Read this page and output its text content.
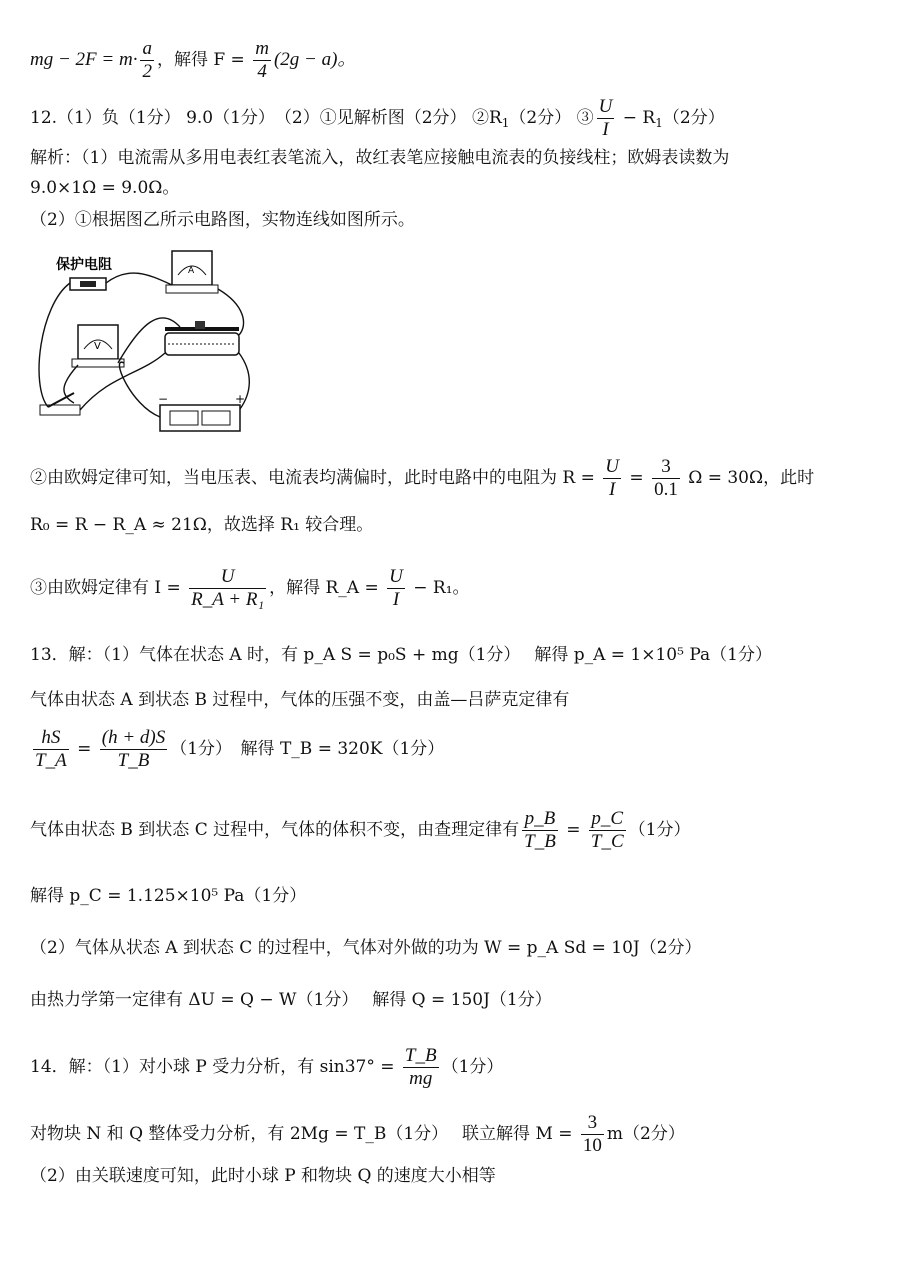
mg − $2F = m\cdot \frac{a}{2}$ ，解得 $F = \frac{m}{4} (2g - a)$。
12.（1）负（1分） 9.0（1分）　（2）①见解析图（2分） $②R_1(2$分） ③ $\frac{U}{I} - R_1(2$分）
解析：（1）电流需从多用电表红表笔流入，故红表笔应接触电流表的负接线柱；欧姆表读数为
9.0×1Ω = 9.0Ω。
（2）①根据图乙所示电路图，实物连线如图所示。
保护电阻	A
V
−	+
②由欧姆定律可知，当电压表、电流表均满偏时，此时电路中的电阻为 $R = \frac{U}{I} = \frac{3}{0.1}$ Ω = 30Ω，此时
R₀ = R − R_A ≈ 21Ω，故选择 R₁ 较合理。
③由欧姆定律有 $I = \frac{U}{\text{R\_A + R₁}}$ ，解得 R_A = $\frac{U}{I} - R_1$。
13．解：（1）气体在状态 A 时，有 p_A S = p₀S + mg（1分）　 解得 p_A = 1×10⁵ Pa（1分）
气体由状态 A 到状态 B 过程中，气体的压强不变，由盖—吕萨克定律有
$\frac{hS}{T\_A} = \frac{(h + d)S}{T\_B} (1$分）　解得 T_B = 320K（1分）
气体由状态 B 到状态 C 过程中，气体的体积不变，由查理定律有 $\frac{p\_B}{T\_B} = \frac{p\_C}{T\_C} (1$分）
解得 p_C = 1.125×10⁵ Pa（1分）
（2）气体从状态 A 到状态 C 的过程中，气体对外做的功为 W = p_A Sd = 10J（2分）
由热力学第一定律有 ΔU = Q − W（1分）　 解得 Q = 150J（1分）
14．解：（1）对小球 P 受力分析，有 $\sin 37^\circ = \frac{T\_B}{mg} (1$分）
对物块 N 和 Q 整体受力分析，有 2Mg = T_B（1分）　 联立解得 $M = \frac{3}{10} m(2$分）
（2）由关联速度可知，此时小球 P 和物块 Q 的速度大小相等
